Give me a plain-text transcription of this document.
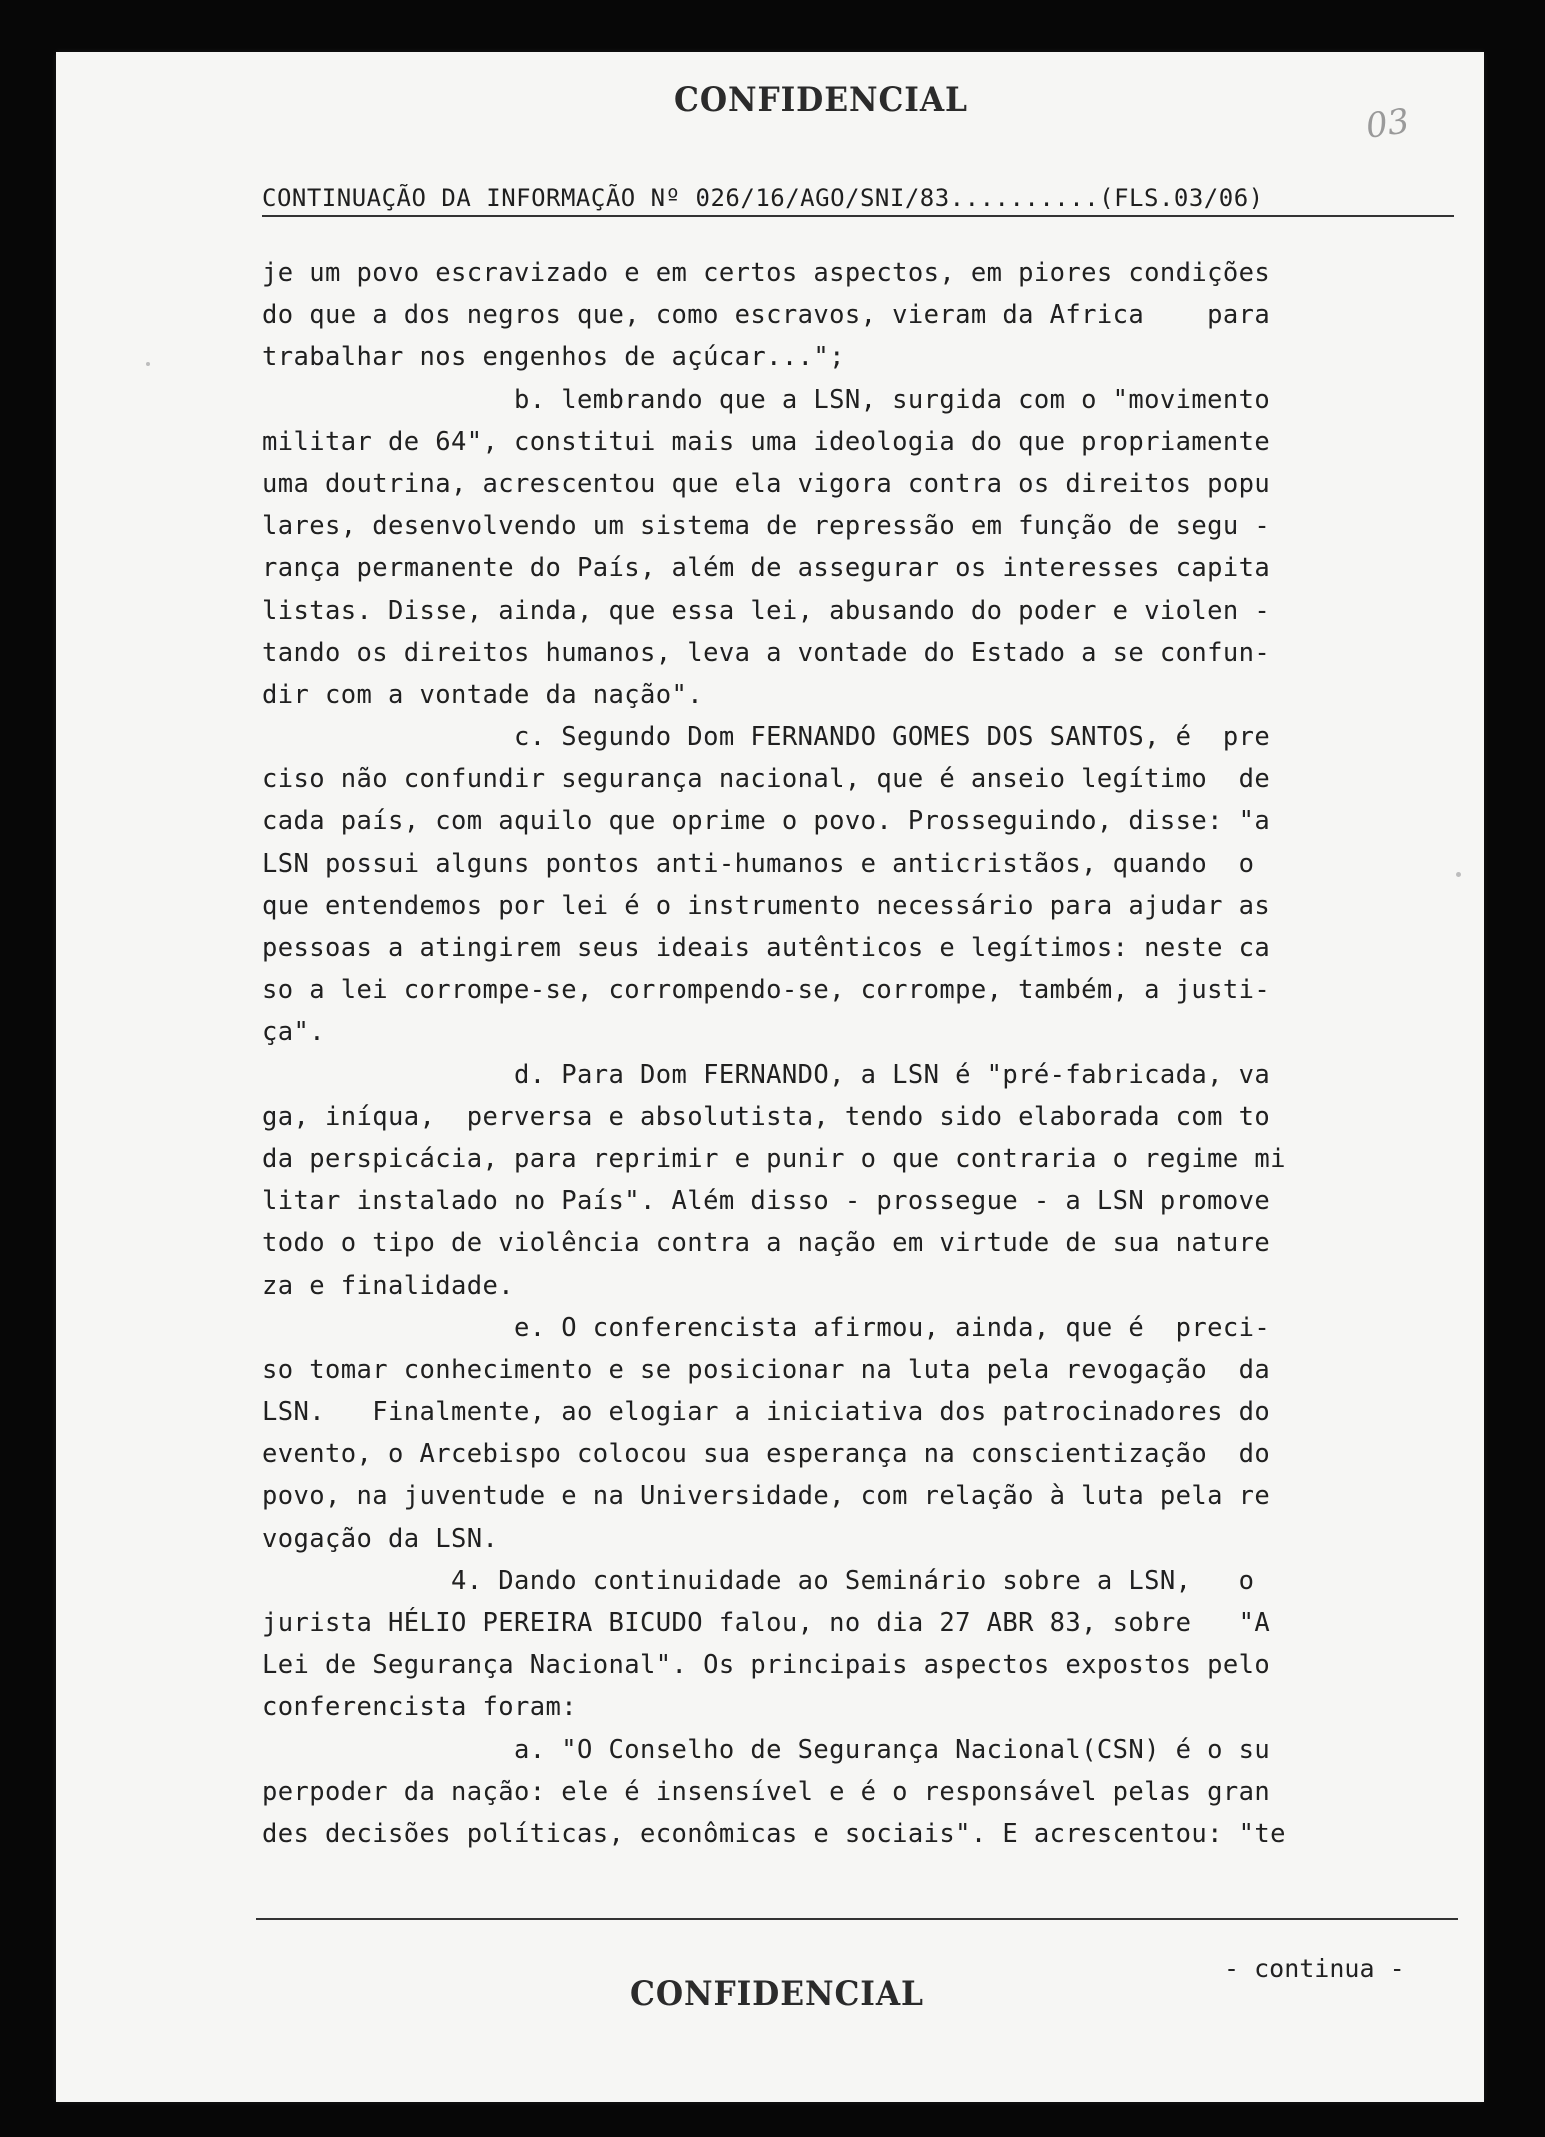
CONFIDENCIAL
03
CONTINUAÇÃO DA INFORMAÇÃO Nº 026/16/AGO/SNI/83..........(FLS.03/06)
je um povo escravizado e em certos aspectos, em piores condições
do que a dos negros que, como escravos, vieram da Africa    para
trabalhar nos engenhos de açúcar...";
b. lembrando que a LSN, surgida com o "movimento
militar de 64", constitui mais uma ideologia do que propriamente
uma doutrina, acrescentou que ela vigora contra os direitos popu
lares, desenvolvendo um sistema de repressão em função de segu -
rança permanente do País, além de assegurar os interesses capita
listas. Disse, ainda, que essa lei, abusando do poder e violen -
tando os direitos humanos, leva a vontade do Estado a se confun-
dir com a vontade da nação".
c. Segundo Dom FERNANDO GOMES DOS SANTOS, é  pre
ciso não confundir segurança nacional, que é anseio legítimo  de
cada país, com aquilo que oprime o povo. Prosseguindo, disse: "a
LSN possui alguns pontos anti-humanos e anticristãos, quando  o
que entendemos por lei é o instrumento necessário para ajudar as
pessoas a atingirem seus ideais autênticos e legítimos: neste ca
so a lei corrompe-se, corrompendo-se, corrompe, também, a justi-
ça".
d. Para Dom FERNANDO, a LSN é "pré-fabricada, va
ga, iníqua,  perversa e absolutista, tendo sido elaborada com to
da perspicácia, para reprimir e punir o que contraria o regime mi
litar instalado no País". Além disso - prossegue - a LSN promove
todo o tipo de violência contra a nação em virtude de sua nature
za e finalidade.
e. O conferencista afirmou, ainda, que é  preci-
so tomar conhecimento e se posicionar na luta pela revogação  da
LSN.   Finalmente, ao elogiar a iniciativa dos patrocinadores do
evento, o Arcebispo colocou sua esperança na conscientização  do
povo, na juventude e na Universidade, com relação à luta pela re
vogação da LSN.
4. Dando continuidade ao Seminário sobre a LSN,   o
jurista HÉLIO PEREIRA BICUDO falou, no dia 27 ABR 83, sobre   "A
Lei de Segurança Nacional". Os principais aspectos expostos pelo
conferencista foram:
a. "O Conselho de Segurança Nacional(CSN) é o su
perpoder da nação: ele é insensível e é o responsável pelas gran
des decisões políticas, econômicas e sociais". E acrescentou: "te
- continua -
CONFIDENCIAL
